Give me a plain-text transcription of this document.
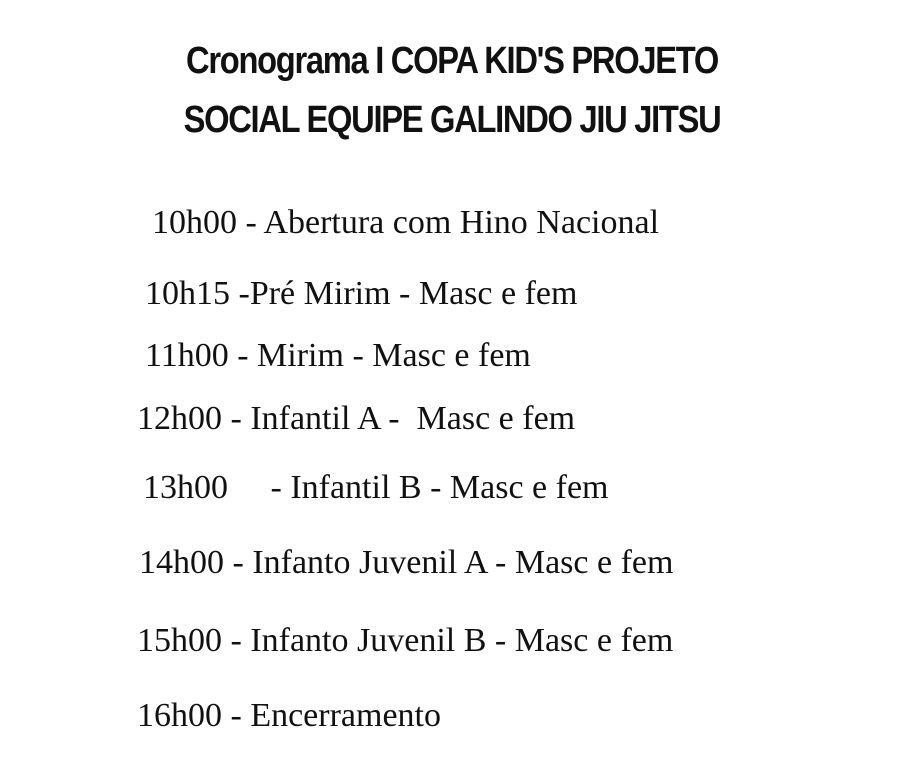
Cronograma I COPA KID'S PROJETO
SOCIAL EQUIPE GALINDO JIU JITSU
10h00 - Abertura com Hino Nacional
10h15 -Pré Mirim - Masc e fem
11h00 - Mirim - Masc e fem
12h00 - Infantil A -  Masc e fem
13h00     - Infantil B - Masc e fem
14h00 - Infanto Juvenil A - Masc e fem
15h00 - Infanto Juvenil B - Masc e fem
16h00 - Encerramento
